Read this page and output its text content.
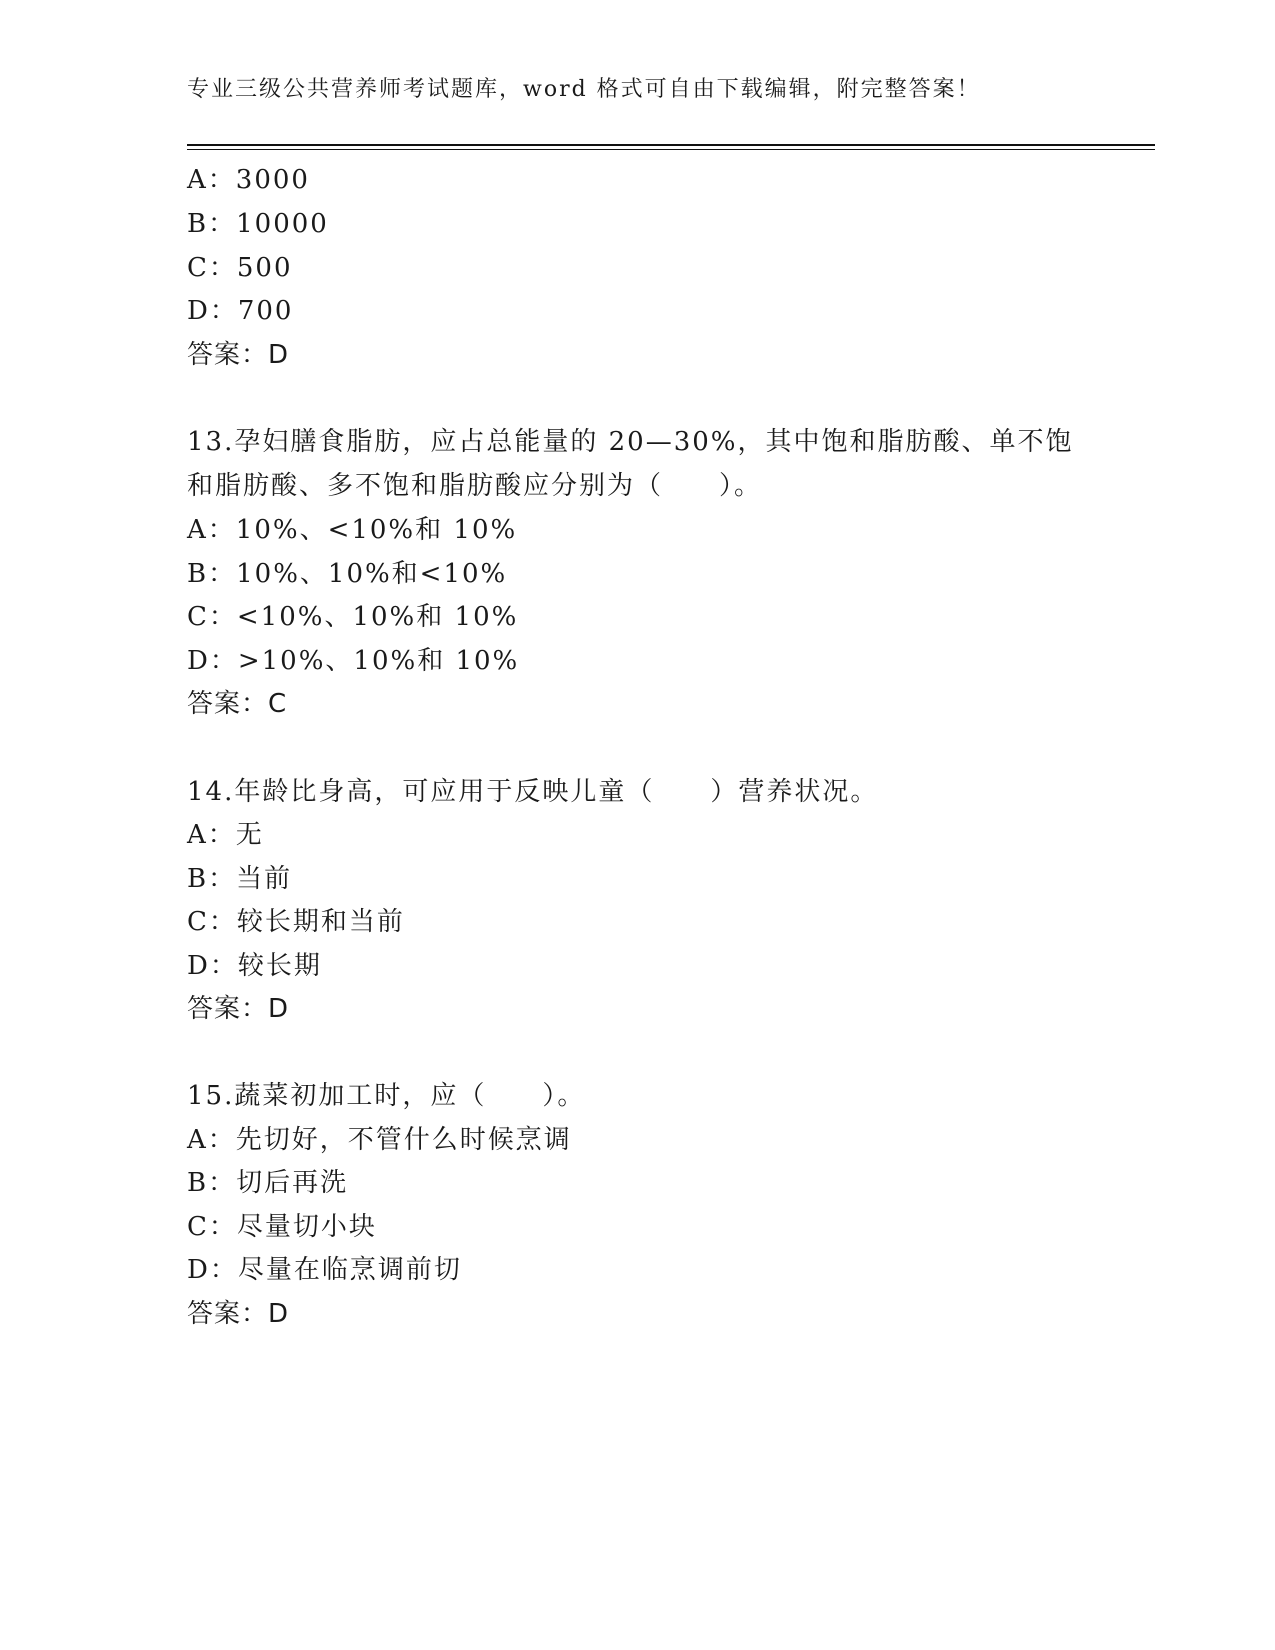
专业三级公共营养师考试题库，word 格式可自由下载编辑，附完整答案！
A：3000
B：10000
C：500
D：700
答案：D
13.孕妇膳食脂肪，应占总能量的 20—30%，其中饱和脂肪酸、单不饱
和脂肪酸、多不饱和脂肪酸应分别为（　　）。
A：10%、<10%和 10%
B：10%、10%和<10%
C：<10%、10%和 10%
D：>10%、10%和 10%
答案：C
14.年龄比身高，可应用于反映儿童（　　）营养状况。
A：无
B：当前
C：较长期和当前
D：较长期
答案：D
15.蔬菜初加工时，应（　　）。
A：先切好，不管什么时候烹调
B：切后再洗
C：尽量切小块
D：尽量在临烹调前切
答案：D
